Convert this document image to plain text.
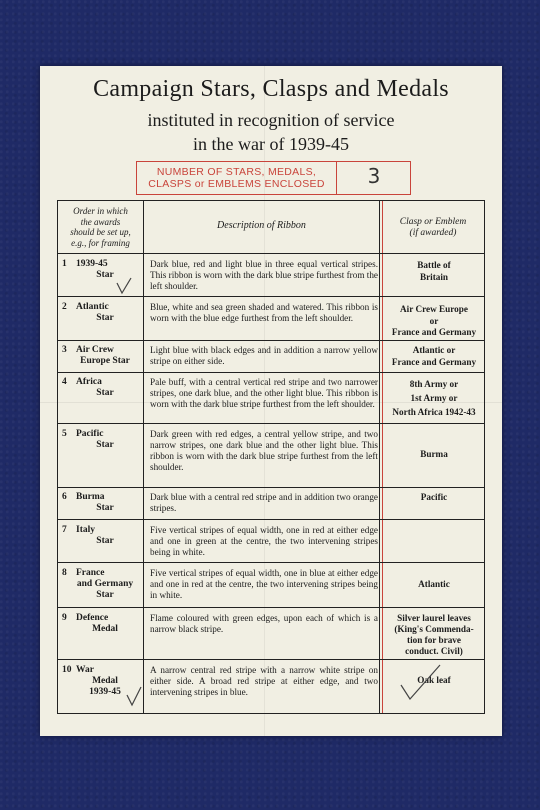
Campaign Stars, Clasps and Medals
instituted in recognition of service
in the war of 1939-45
NUMBER OF STARS, MEDALS,
CLASPS or EMBLEMS ENCLOSED	3
Order in which
the awards
should be set up,
e.g., for framing
Description of Ribbon	Clasp or Emblem
(if awarded)
1 1939-45
Star
Dark blue, red and light blue in three equal vertical stripes. This ribbon is worn with the dark blue stripe furthest from the left shoulder.
Battle of
Britain
2 Atlantic
Star
Blue, white and sea green shaded and watered. This ribbon is worn with the blue edge furthest from the left shoulder.
Air Crew Europe
or
France and Germany
3 Air Crew
Europe Star
Light blue with black edges and in addition a narrow yellow stripe on either side.
Atlantic or
France and Germany
4 Africa
Star
Pale buff, with a central vertical red stripe and two narrower stripes, one dark blue, and the other light blue. This ribbon is worn with the dark blue stripe furthest from the left shoulder.
8th Army or
1st Army or
North Africa 1942-43
5 Pacific
Star
Dark green with red edges, a central yellow stripe, and two narrow stripes, one dark blue and the other light blue. This ribbon is worn with the dark blue stripe furthest from the left shoulder.
Burma
6 Burma
Star
Dark blue with a central red stripe and in addition two orange stripes.
Pacific
7 Italy
Star
Five vertical stripes of equal width, one in red at either edge and one in green at the centre, the two intervening stripes being in white.
8 France
and Germany
Star
Five vertical stripes of equal width, one in blue at either edge and one in red at the centre, the two intervening stripes being in white.
Atlantic
9 Defence
Medal
Flame coloured with green edges, upon each of which is a narrow black stripe.
Silver laurel leaves
(King's Commenda-
tion for brave
conduct. Civil)
10 War
Medal
1939-45
A narrow central red stripe with a narrow white stripe on either side. A broad red stripe at either edge, and two intervening stripes in blue.
Oak leaf
